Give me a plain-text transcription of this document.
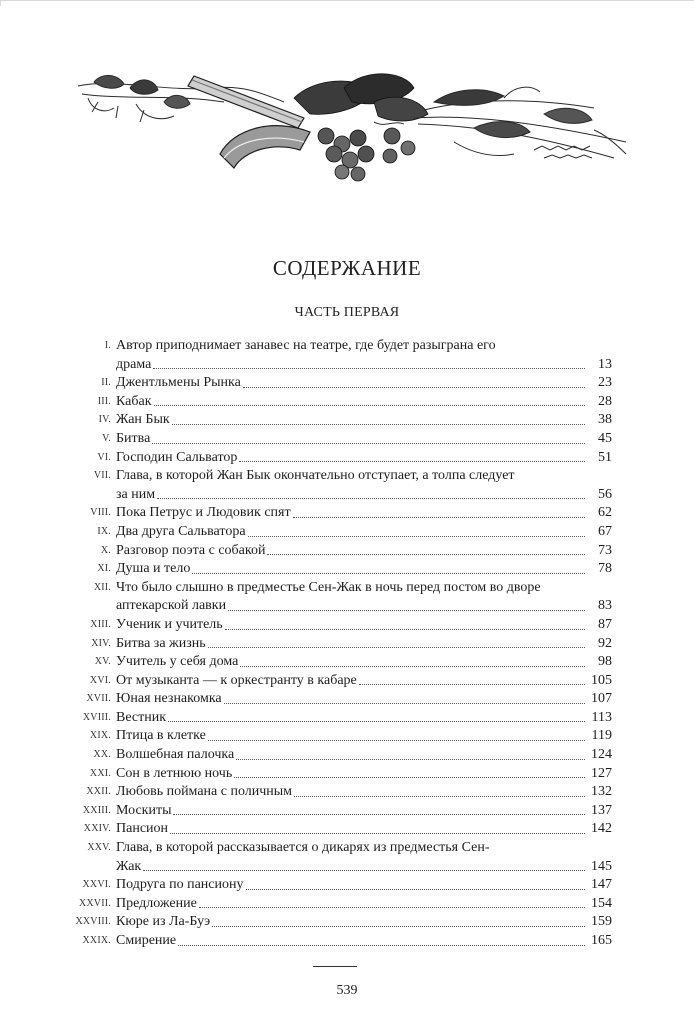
СОДЕРЖАНИЕ
ЧАСТЬ ПЕРВАЯ
I. Автор приподнимает занавес на театре, где будет разыграна его
драма	13
II. Джентльмены Рынка	23
III. Кабак	28
IV. Жан Бык	38
V. Битва	45
VI. Господин Сальватор	51
VII. Глава, в которой Жан Бык окончательно отступает, а толпа следует
за ним	56
VIII. Пока Петрус и Людовик спят	62
IX. Два друга Сальватора	67
X. Разговор поэта с собакой	73
XI. Душа и тело	78
XII. Что было слышно в предместье Сен-Жак в ночь перед постом во дворе
аптекарской лавки	83
XIII. Ученик и учитель	87
XIV. Битва за жизнь	92
XV. Учитель у себя дома	98
XVI. От музыканта — к оркестранту в кабаре	105
XVII. Юная незнакомка	107
XVIII. Вестник	113
XIX. Птица в клетке	119
XX. Волшебная палочка	124
XXI. Сон в летнюю ночь	127
XXII. Любовь поймана с поличным	132
XXIII. Москиты	137
XXIV. Пансион	142
XXV. Глава, в которой рассказывается о дикарях из предместья Сен-
Жак	145
XXVI. Подруга по пансиону	147
XXVII. Предложение	154
XXVIII. Кюре из Ла-Буэ	159
XXIX. Смирение	165
539
